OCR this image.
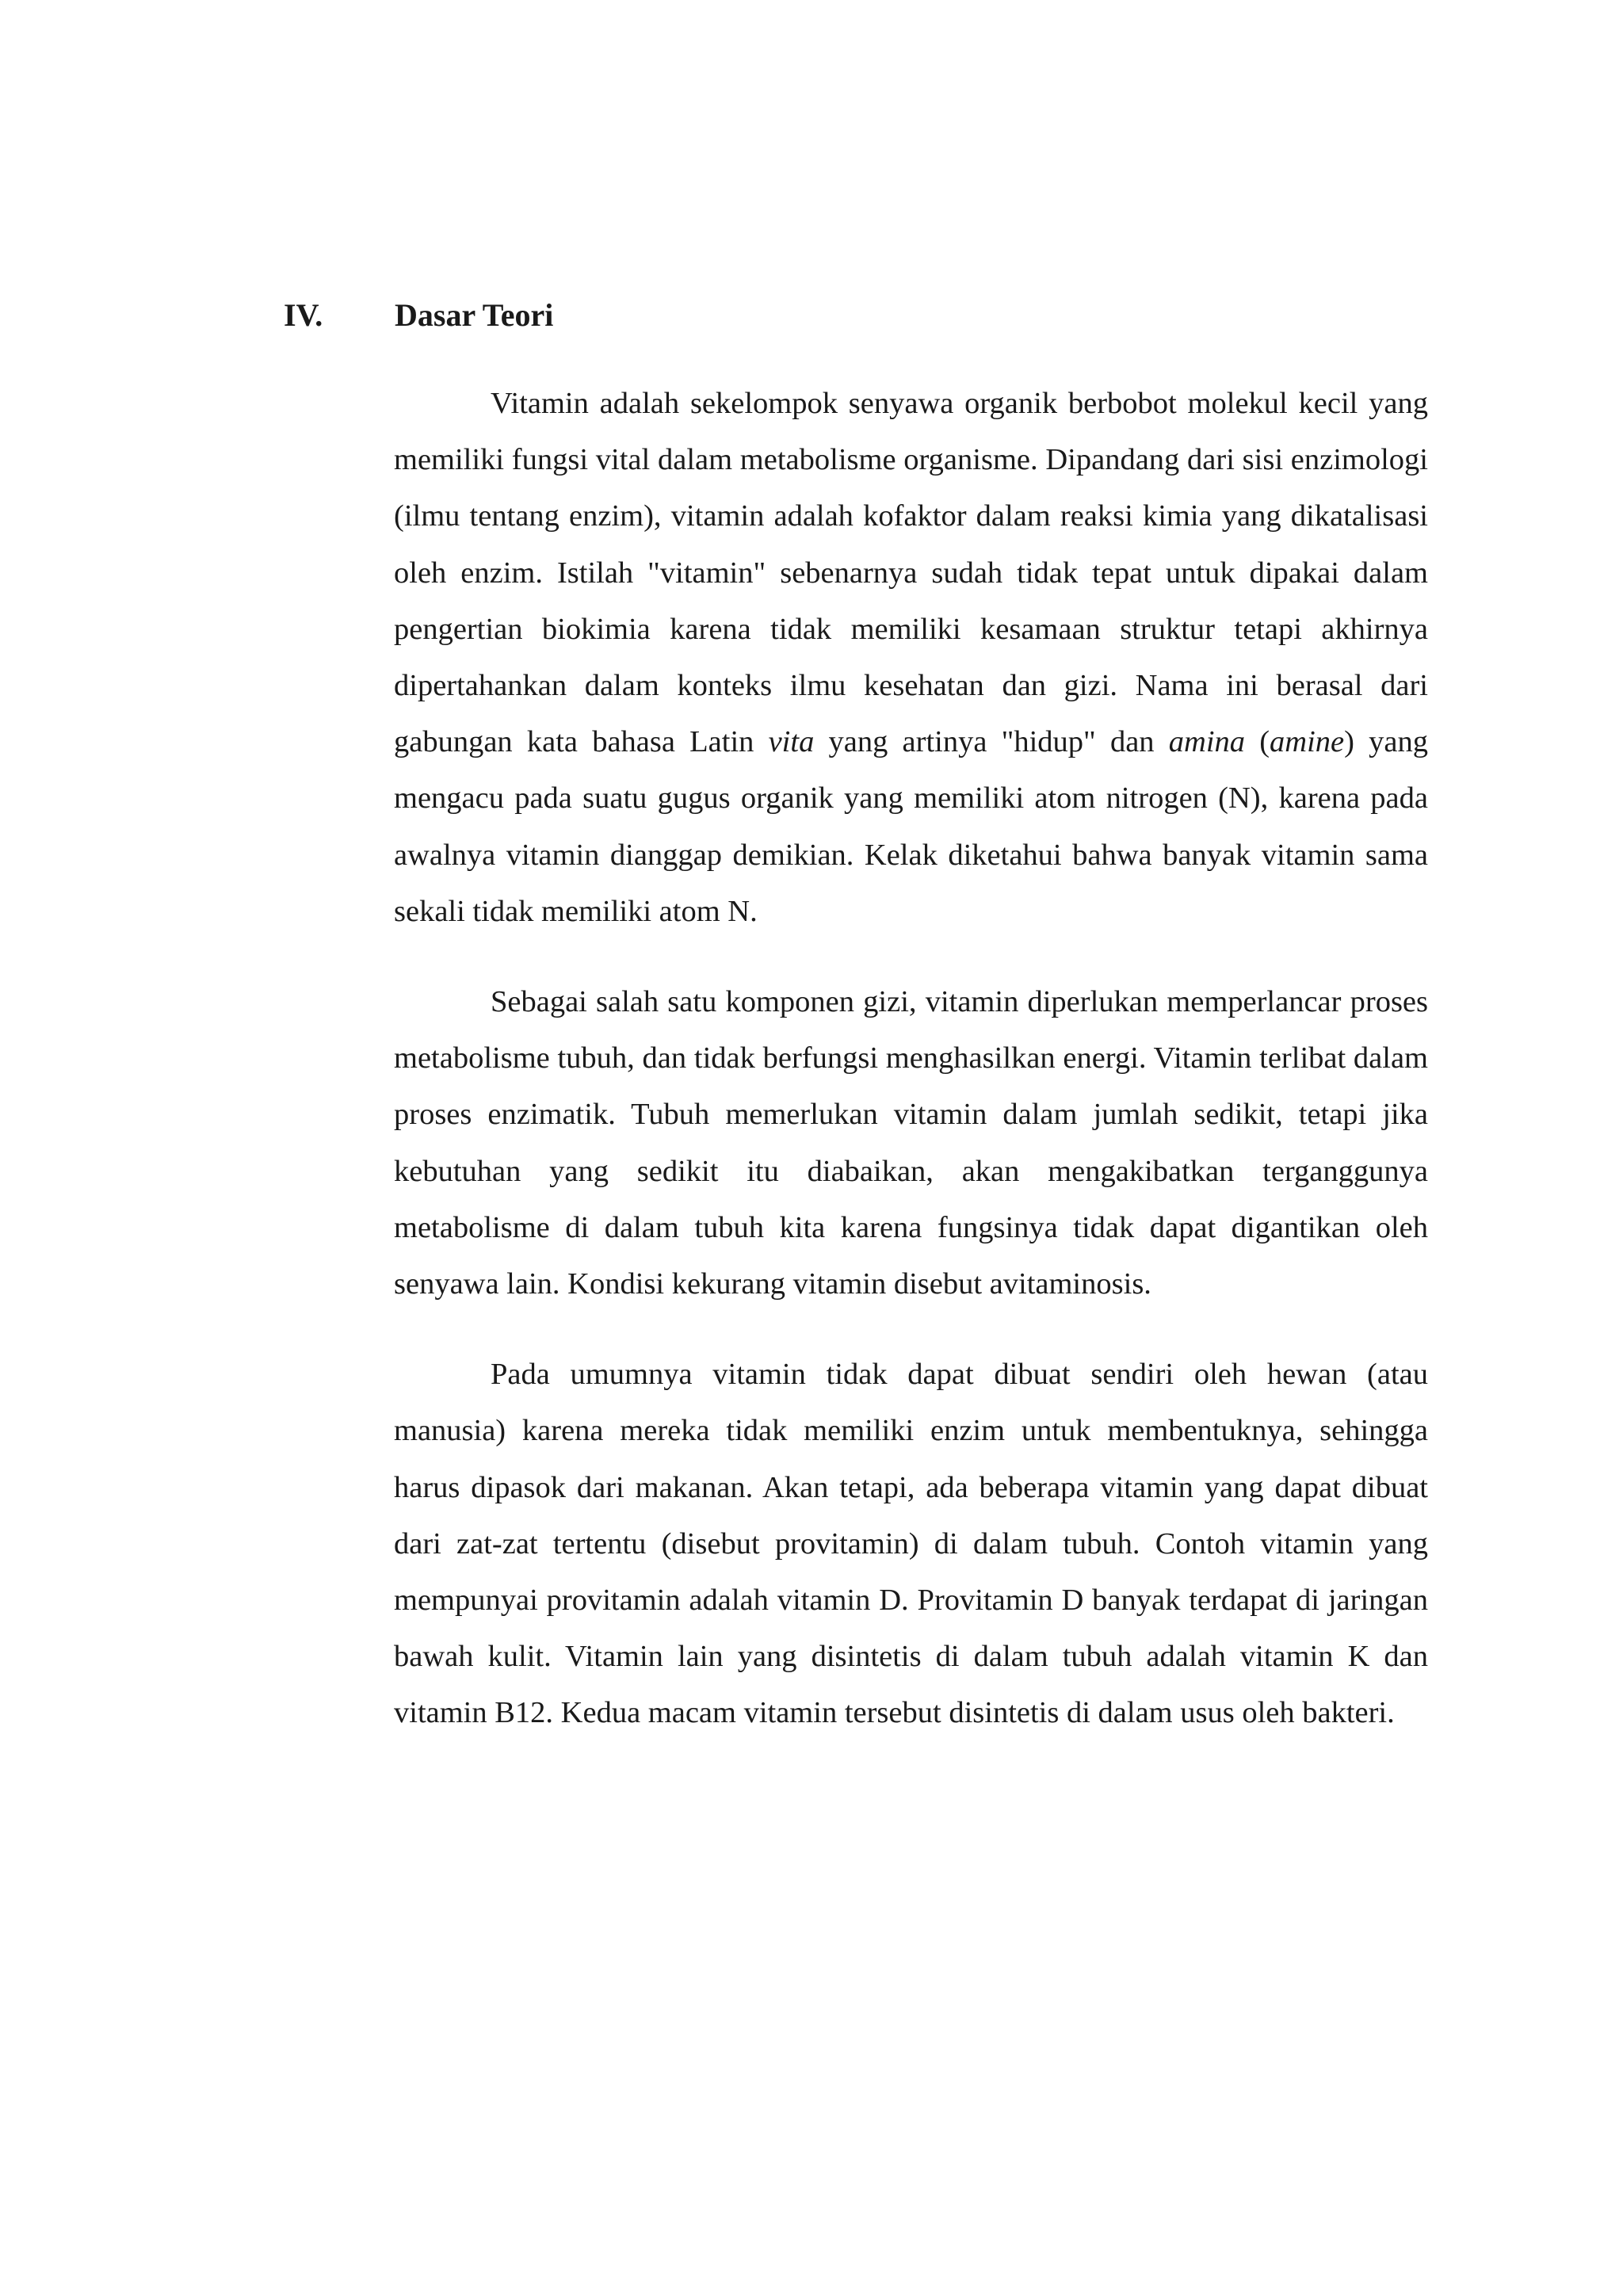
IV. Dasar Teori

Vitamin adalah sekelompok senyawa organik berbobot molekul kecil yang memiliki fungsi vital dalam metabolisme organisme. Dipandang dari sisi enzimologi (ilmu tentang enzim), vitamin adalah kofaktor dalam reaksi kimia yang dikatalisasi oleh enzim. Istilah "vitamin" sebenarnya sudah tidak tepat untuk dipakai dalam pengertian biokimia karena tidak memiliki kesamaan struktur tetapi akhirnya dipertahankan dalam konteks ilmu kesehatan dan gizi. Nama ini berasal dari gabungan kata bahasa Latin vita yang artinya "hidup" dan amina (amine) yang mengacu pada suatu gugus organik yang memiliki atom nitrogen (N), karena pada awalnya vitamin dianggap demikian. Kelak diketahui bahwa banyak vitamin sama sekali tidak memiliki atom N.

Sebagai salah satu komponen gizi, vitamin diperlukan memperlancar proses metabolisme tubuh, dan tidak berfungsi menghasilkan energi. Vitamin terlibat dalam proses enzimatik. Tubuh memerlukan vitamin dalam jumlah sedikit, tetapi jika kebutuhan yang sedikit itu diabaikan, akan mengakibatkan terganggunya metabolisme di dalam tubuh kita karena fungsinya tidak dapat digantikan oleh senyawa lain. Kondisi kekurang vitamin disebut avitaminosis.

Pada umumnya vitamin tidak dapat dibuat sendiri oleh hewan (atau manusia) karena mereka tidak memiliki enzim untuk membentuknya, sehingga harus dipasok dari makanan. Akan tetapi, ada beberapa vitamin yang dapat dibuat dari zat-zat tertentu (disebut provitamin) di dalam tubuh. Contoh vitamin yang mempunyai provitamin adalah vitamin D. Provitamin D banyak terdapat di jaringan bawah kulit. Vitamin lain yang disintetis di dalam tubuh adalah vitamin K dan vitamin B12. Kedua macam vitamin tersebut disintetis di dalam usus oleh bakteri.
